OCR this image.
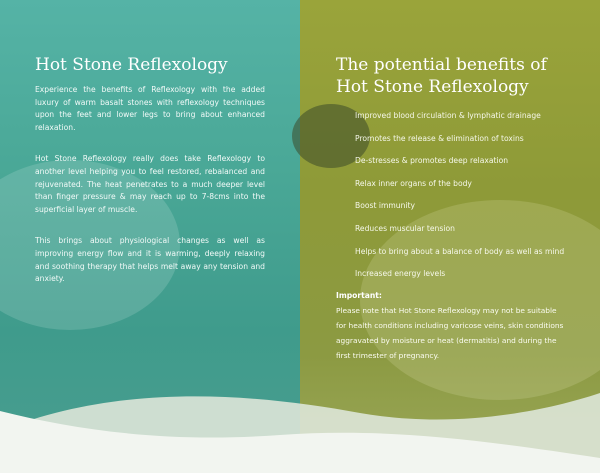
Hot Stone Reflexology

Experience the benefits of Reflexology with the added luxury of warm basalt stones with reflexology techniques upon the feet and lower legs to bring about enhanced relaxation.

Hot Stone Reflexology really does take Reflexology to another level helping you to feel restored, rebalanced and rejuvenated. The heat penetrates to a much deeper level than finger pressure & may reach up to 7-8cms into the superficial layer of muscle.

This brings about physiological changes as well as improving energy flow and it is warming, deeply relaxing and soothing therapy that helps melt away any tension and anxiety.

The potential benefits of Hot Stone Reflexology
Improved blood circulation & lymphatic drainage
Promotes the release & elimination of toxins
De-stresses & promotes deep relaxation
Relax inner organs of the body
Boost immunity
Reduces muscular tension
Helps to bring about a balance of body as well as mind
Increased energy levels
Important:

Please note that Hot Stone Reflexology may not be suitable for health conditions including varicose veins, skin conditions aggravated by moisture or heat (dermatitis) and during the first trimester of pregnancy.
